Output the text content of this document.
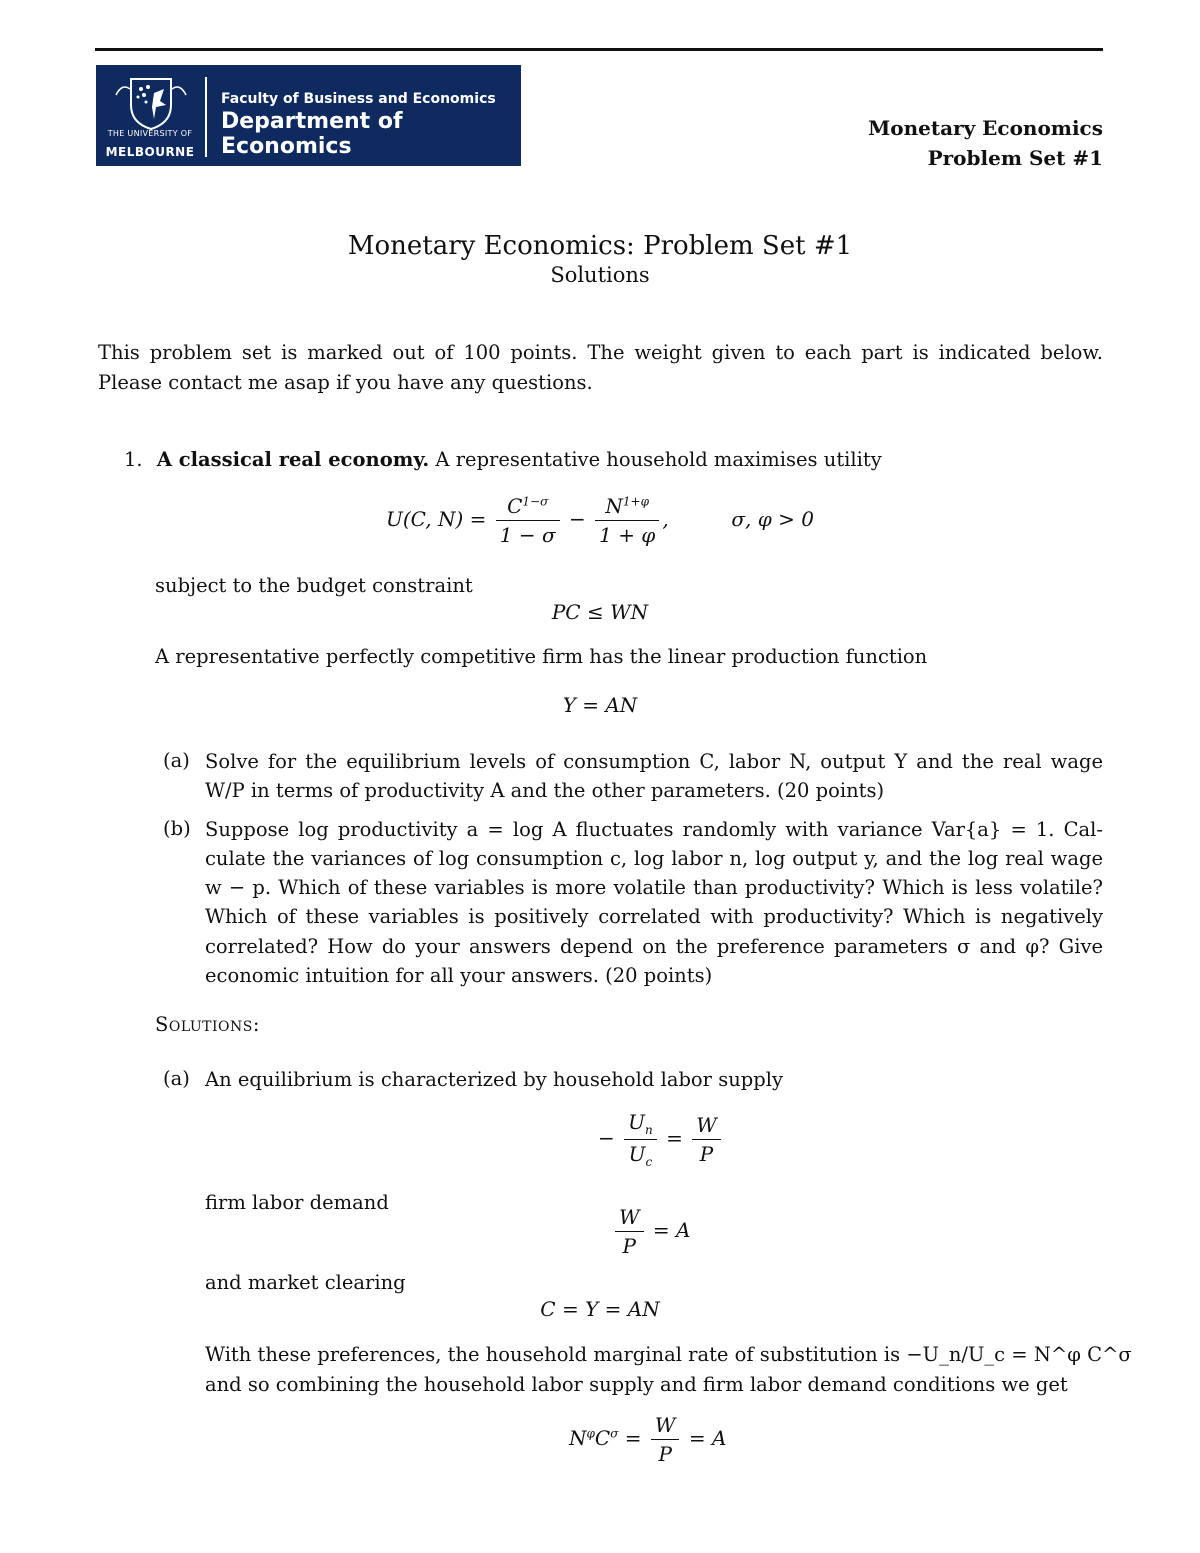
THE UNIVERSITY OF
MELBOURNE
Faculty of Business and Economics
Department of Economics
Monetary Economics
Problem Set #1
Monetary Economics: Problem Set #1
Solutions
This problem set is marked out of 100 points. The weight given to each part is indicated below.
Please contact me asap if you have any questions.
1. A classical real economy. A representative household maximises utility
U(C, $N) = \frac{C^{1-\sigma}}{1 - \sigma} - \frac{N^{1+\varphi}}{1 + \varphi}$ ,	σ, φ > 0
subject to the budget constraint
PC ≤ WN
A representative perfectly competitive firm has the linear production function
Y = AN
(a) Solve for the equilibrium levels of consumption C, labor N, output Y and the real wage
W/P in terms of productivity A and the other parameters. (20 points)
(b) Suppose log productivity a = log A fluctuates randomly with variance Var{a} = 1. Cal-
culate the variances of log consumption c, log labor n, log output y, and the log real wage
w − p. Which of these variables is more volatile than productivity? Which is less volatile?
Which of these variables is positively correlated with productivity? Which is negatively
correlated? How do your answers depend on the preference parameters σ and φ? Give
economic intuition for all your answers. (20 points)
Solutions:
(a) An equilibrium is characterized by household labor supply
− $\frac{U_n}{U_c} = \frac{W}{P}$
firm labor demand
$\frac{W}{P} = A$
and market clearing
C = Y = AN
With these preferences, the household marginal rate of substitution is −U_n/U_c = N^φ C^σ
and so combining the household labor supply and firm labor demand conditions we get
$N^\varphi C^\sigma = \frac{W}{P} = A$
